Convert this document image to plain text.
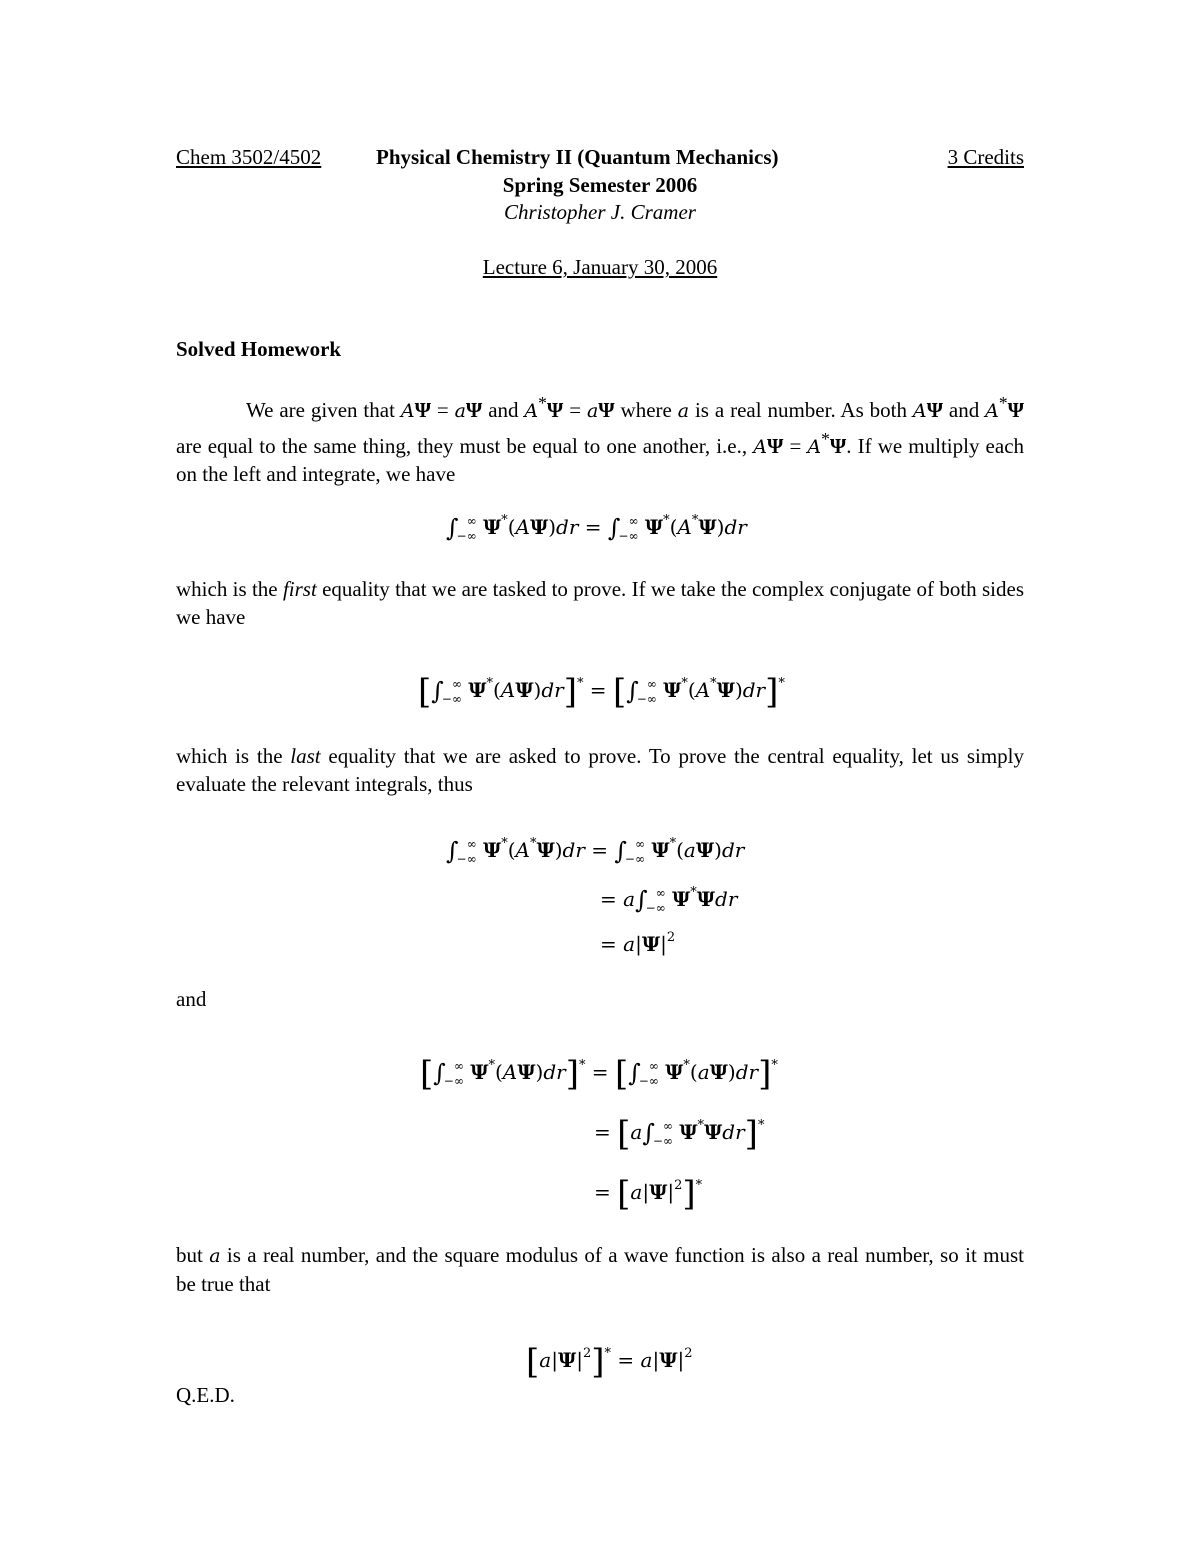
Chem 3502/4502	Physical Chemistry II (Quantum Mechanics)	3 Credits
Spring Semester 2006
Christopher J. Cramer
Lecture 6, January 30, 2006
Solved Homework
We are given that AΨ = aΨ and A*Ψ = aΨ where a is a real number. As both AΨ and A*Ψ are equal to the same thing, they must be equal to one another, i.e., AΨ = A*Ψ. If we multiply each on the left and integrate, we have
$\int_{-\infty}^\infty$ $\Psi^*(A\Psi)dr = \int_{-\infty}^\infty$ Ψ*(A*Ψ)dr
which is the first equality that we are tasked to prove. If we take the complex conjugate of both sides we have
[$\int_{-\infty}^\infty$ $\Psi^*(A\Psi)dr]^* = [\int_{-\infty}^\infty$ Ψ*(A*Ψ)dr]*
which is the last equality that we are asked to prove. To prove the central equality, let us simply evaluate the relevant integrals, thus
$\int_{-\infty}^\infty$ $\Psi^*(A^*\Psi)dr = \int_{-\infty}^\infty$ Ψ*(aΨ)dr
= $a\int_{-\infty}^\infty$ Ψ*Ψdr
= $a|\Psi|^2$
and
[$\int_{-\infty}^\infty$ $\Psi^*(A\Psi)dr]^* = [\int_{-\infty}^\infty$ Ψ*(aΨ)dr]*
= [$a\int_{-\infty}^\infty$ Ψ*Ψdr]*
= $[a|\Psi|^2]^*$
but a is a real number, and the square modulus of a wave function is also a real number, so it must be true that
$[a|\Psi|^2]^* = a|\Psi|^2$
Q.E.D.
